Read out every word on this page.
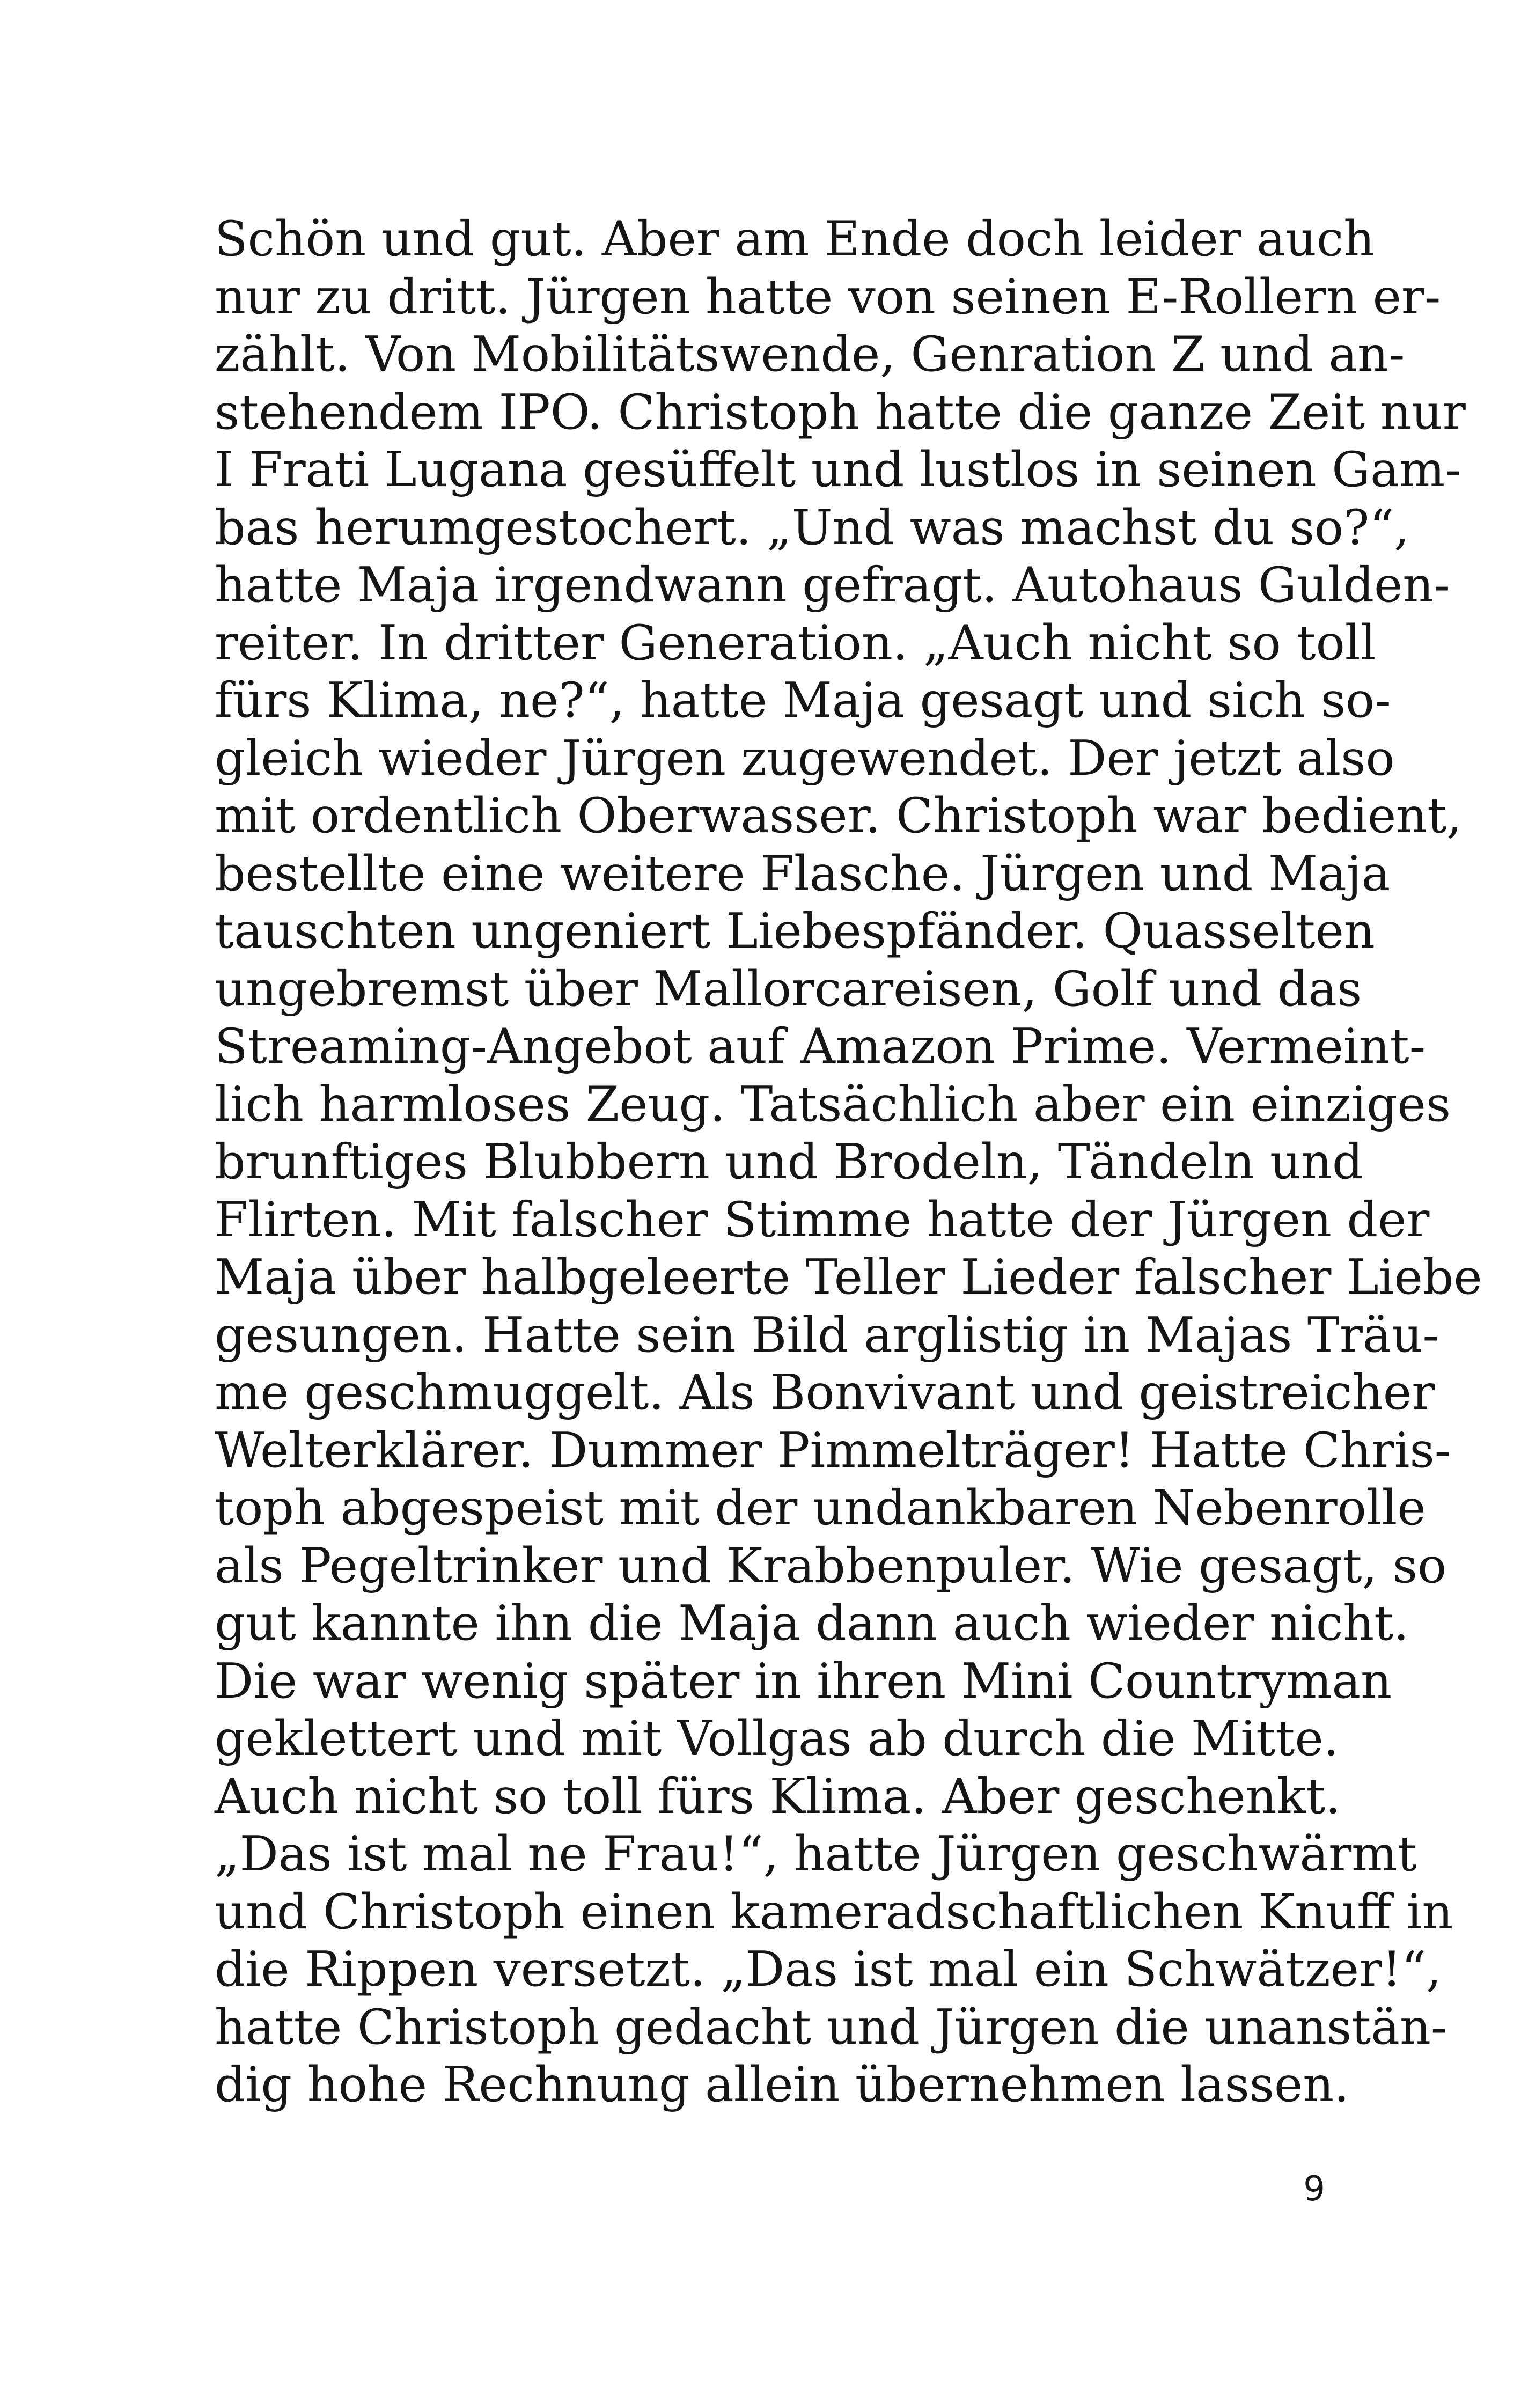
Schön und gut. Aber am Ende doch leider auch
nur zu dritt. Jürgen hatte von seinen E-Rollern er-
zählt. Von Mobilitätswende, Genration Z und an-
stehendem IPO. Christoph hatte die ganze Zeit nur
I Frati Lugana gesüffelt und lustlos in seinen Gam-
bas herumgestochert. „Und was machst du so?“,
hatte Maja irgendwann gefragt. Autohaus Gulden-
reiter. In dritter Generation. „Auch nicht so toll
fürs Klima, ne?“, hatte Maja gesagt und sich so-
gleich wieder Jürgen zugewendet. Der jetzt also
mit ordentlich Oberwasser. Christoph war bedient,
bestellte eine weitere Flasche. Jürgen und Maja
tauschten ungeniert Liebespfänder. Quasselten
ungebremst über Mallorcareisen, Golf und das
Streaming-Angebot auf Amazon Prime. Vermeint-
lich harmloses Zeug. Tatsächlich aber ein einziges
brunftiges Blubbern und Brodeln, Tändeln und
Flirten. Mit falscher Stimme hatte der Jürgen der
Maja über halbgeleerte Teller Lieder falscher Liebe
gesungen. Hatte sein Bild arglistig in Majas Träu-
me geschmuggelt. Als Bonvivant und geistreicher
Welterklärer. Dummer Pimmelträger! Hatte Chris-
toph abgespeist mit der undankbaren Nebenrolle
als Pegeltrinker und Krabbenpuler. Wie gesagt, so
gut kannte ihn die Maja dann auch wieder nicht.
Die war wenig später in ihren Mini Countryman
geklettert und mit Vollgas ab durch die Mitte.
Auch nicht so toll fürs Klima. Aber geschenkt.
„Das ist mal ne Frau!“, hatte Jürgen geschwärmt
und Christoph einen kameradschaftlichen Knuff in
die Rippen versetzt. „Das ist mal ein Schwätzer!“,
hatte Christoph gedacht und Jürgen die unanstän-
dig hohe Rechnung allein übernehmen lassen.
9
